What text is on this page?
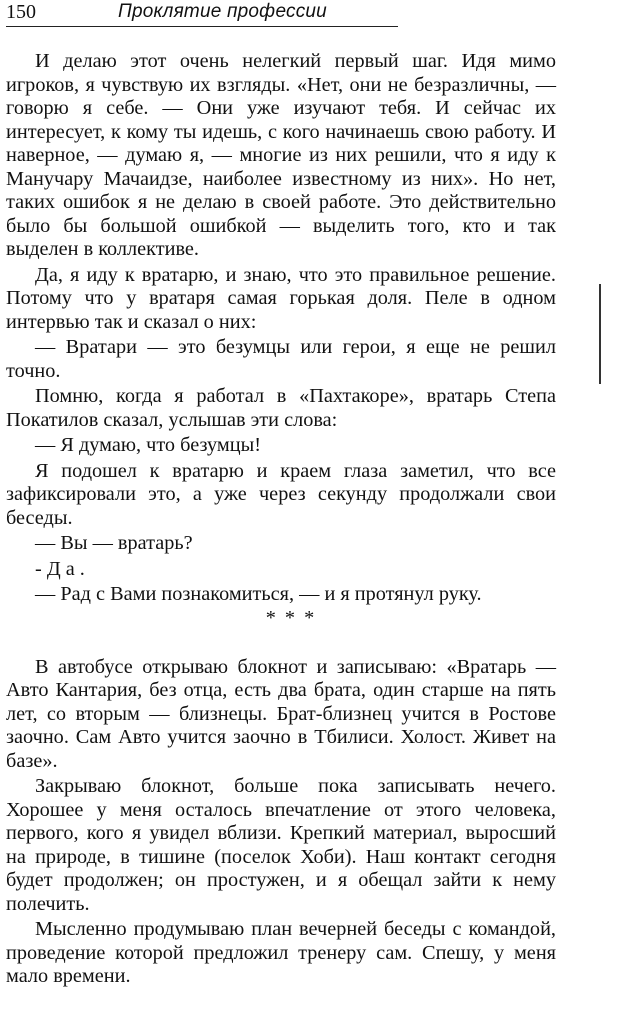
150	Проклятие профессии

И делаю этот очень нелегкий первый шаг. Идя мимо игроков, я чувствую их взгляды. «Нет, они не безразличны, — говорю я себе. — Они уже изучают тебя. И сейчас их интересует, к кому ты идешь, с кого начинаешь свою работу. И наверное, — думаю я, — многие из них решили, что я иду к Манучару Мачаидзе, наиболее известному из них». Но нет, таких ошибок я не делаю в своей работе. Это действительно было бы большой ошибкой — выделить того, кто и так выделен в коллективе.

Да, я иду к вратарю, и знаю, что это правильное решение. Потому что у вратаря самая горькая доля. Пеле в одном интервью так и сказал о них:

— Вратари — это безумцы или герои, я еще не решил точно.

Помню, когда я работал в «Пахтакоре», вратарь Степа Покатилов сказал, услышав эти слова:

— Я думаю, что безумцы!

Я подошел к вратарю и краем глаза заметил, что все зафиксировали это, а уже через секунду продолжали свои беседы.

— Вы — вратарь?

- Д а .

— Рад с Вами познакомиться, — и я протянул руку.

* * *

В автобусе открываю блокнот и записываю: «Вратарь — Авто Кантария, без отца, есть два брата, один старше на пять лет, со вторым — близнецы. Брат-близнец учится в Ростове заочно. Сам Авто учится заочно в Тбилиси. Холост. Живет на базе».

Закрываю блокнот, больше пока записывать нечего. Хорошее у меня осталось впечатление от этого человека, первого, кого я увидел вблизи. Крепкий материал, выросший на природе, в тишине (поселок Хоби). Наш контакт сегодня будет продолжен; он простужен, и я обещал зайти к нему полечить.

Мысленно продумываю план вечерней беседы с командой, проведение которой предложил тренеру сам. Спешу, у меня мало времени.
